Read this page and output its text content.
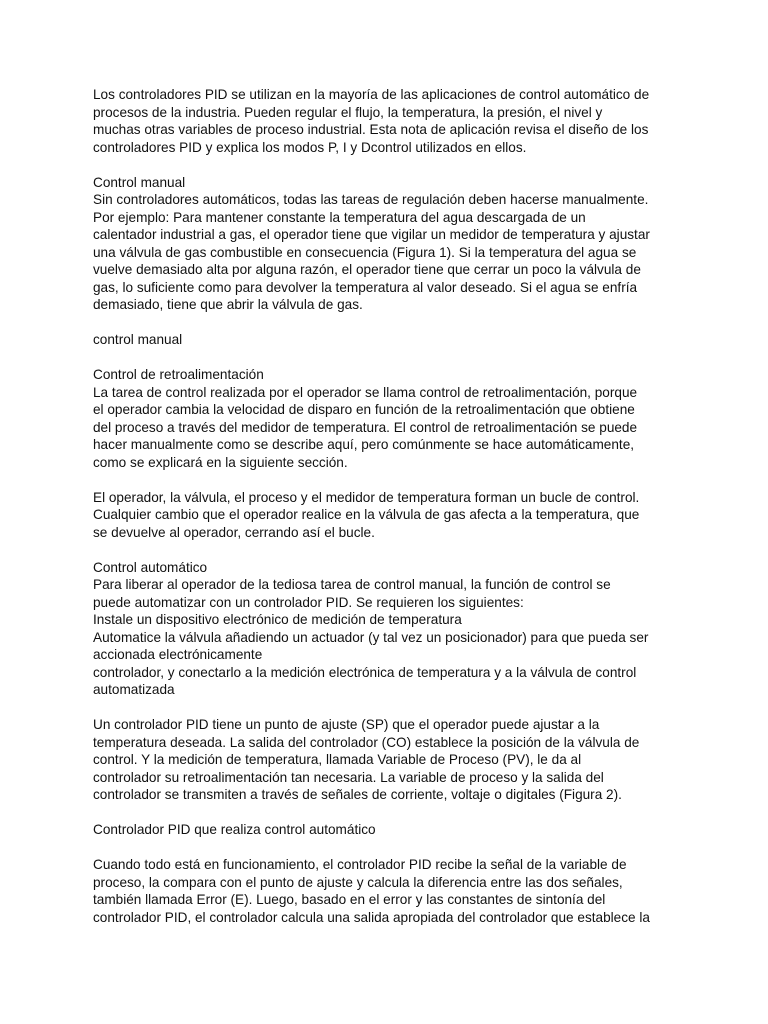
Los controladores PID se utilizan en la mayoría de las aplicaciones de control automático de
procesos de la industria. Pueden regular el flujo, la temperatura, la presión, el nivel y
muchas otras variables de proceso industrial. Esta nota de aplicación revisa el diseño de los
controladores PID y explica los modos P, I y Dcontrol utilizados en ellos.
Control manual
Sin controladores automáticos, todas las tareas de regulación deben hacerse manualmente.
Por ejemplo: Para mantener constante la temperatura del agua descargada de un
calentador industrial a gas, el operador tiene que vigilar un medidor de temperatura y ajustar
una válvula de gas combustible en consecuencia (Figura 1). Si la temperatura del agua se
vuelve demasiado alta por alguna razón, el operador tiene que cerrar un poco la válvula de
gas, lo suficiente como para devolver la temperatura al valor deseado. Si el agua se enfría
demasiado, tiene que abrir la válvula de gas.
control manual
Control de retroalimentación
La tarea de control realizada por el operador se llama control de retroalimentación, porque
el operador cambia la velocidad de disparo en función de la retroalimentación que obtiene
del proceso a través del medidor de temperatura. El control de retroalimentación se puede
hacer manualmente como se describe aquí, pero comúnmente se hace automáticamente,
como se explicará en la siguiente sección.
El operador, la válvula, el proceso y el medidor de temperatura forman un bucle de control.
Cualquier cambio que el operador realice en la válvula de gas afecta a la temperatura, que
se devuelve al operador, cerrando así el bucle.
Control automático
Para liberar al operador de la tediosa tarea de control manual, la función de control se
puede automatizar con un controlador PID. Se requieren los siguientes:
Instale un dispositivo electrónico de medición de temperatura
Automatice la válvula añadiendo un actuador (y tal vez un posicionador) para que pueda ser
accionada electrónicamente
controlador, y conectarlo a la medición electrónica de temperatura y a la válvula de control
automatizada
Un controlador PID tiene un punto de ajuste (SP) que el operador puede ajustar a la
temperatura deseada. La salida del controlador (CO) establece la posición de la válvula de
control. Y la medición de temperatura, llamada Variable de Proceso (PV), le da al
controlador su retroalimentación tan necesaria. La variable de proceso y la salida del
controlador se transmiten a través de señales de corriente, voltaje o digitales (Figura 2).
Controlador PID que realiza control automático
Cuando todo está en funcionamiento, el controlador PID recibe la señal de la variable de
proceso, la compara con el punto de ajuste y calcula la diferencia entre las dos señales,
también llamada Error (E). Luego, basado en el error y las constantes de sintonía del
controlador PID, el controlador calcula una salida apropiada del controlador que establece la
